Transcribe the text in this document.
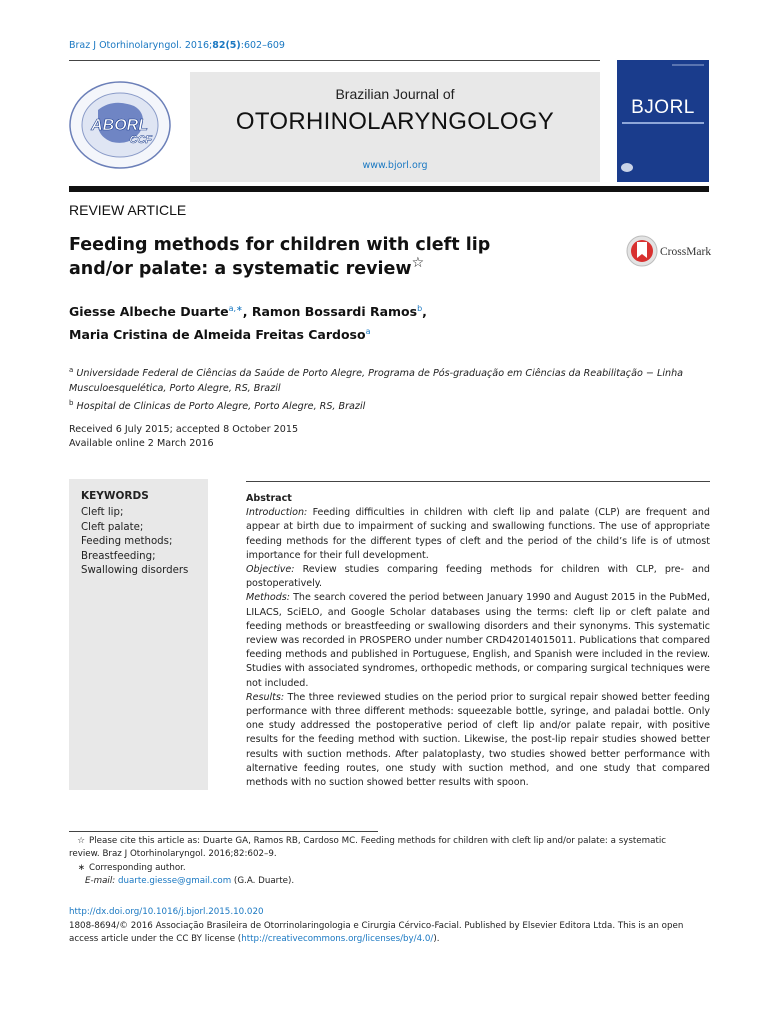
Braz J Otorhinolaryngol. 2016;82(5):602–609
Brazilian Journal of
OTORHINOLARYNGOLOGY
www.bjorl.org
ABORL
CCF
BJORL
REVIEW ARTICLE
Feeding methods for children with cleft lip
and/or palate: a systematic review☆
CrossMark
Giesse Albeche Duarte$^{a,∗}$, Ramon Bossardi Ramos$^b$,
Maria Cristina de Almeida Freitas Cardoso$^a$
$^a$ Universidade Federal de Ciências da Saúde de Porto Alegre, Programa de Pós-graduação em Ciências da Reabilitação − Linha Musculoesquelética, Porto Alegre, RS, Brazil
$^b$ Hospital de Clinicas de Porto Alegre, Porto Alegre, RS, Brazil
Received 6 July 2015; accepted 8 October 2015
Available online 2 March 2016
KEYWORDS
Cleft lip;
Cleft palate;
Feeding methods;
Breastfeeding;
Swallowing disorders
Abstract
Introduction: Feeding difficulties in children with cleft lip and palate (CLP) are frequent and appear at birth due to impairment of sucking and swallowing functions. The use of appropriate feeding methods for the different types of cleft and the period of the child’s life is of utmost importance for their full development.
Objective: Review studies comparing feeding methods for children with CLP, pre- and postoperatively.
Methods: The search covered the period between January 1990 and August 2015 in the PubMed, LILACS, SciELO, and Google Scholar databases using the terms: cleft lip or cleft palate and feeding methods or breastfeeding or swallowing disorders and their synonyms. This systematic review was recorded in PROSPERO under number CRD42014015011. Publications that compared feeding methods and published in Portuguese, English, and Spanish were included in the review. Studies with associated syndromes, orthopedic methods, or comparing surgical techniques were not included.
Results: The three reviewed studies on the period prior to surgical repair showed better feeding performance with three different methods: squeezable bottle, syringe, and paladai bottle. Only one study addressed the postoperative period of cleft lip and/or palate repair, with positive results for the feeding method with suction. Likewise, the post-lip repair studies showed better results with suction methods. After palatoplasty, two studies showed better performance with alternative feeding routes, one study with suction method, and one study that compared methods with no suction showed better results with spoon.
☆ Please cite this article as: Duarte GA, Ramos RB, Cardoso MC. Feeding methods for children with cleft lip and/or palate: a systematic
review. Braz J Otorhinolaryngol. 2016;82:602–9.
∗ Corresponding author.
E-mail: duarte.giesse@gmail.com (G.A. Duarte).
http://dx.doi.org/10.1016/j.bjorl.2015.10.020
1808-8694/© 2016 Associação Brasileira de Otorrinolaringologia e Cirurgia Cérvico-Facial. Published by Elsevier Editora Ltda. This is an open
access article under the CC BY license (http://creativecommons.org/licenses/by/4.0/).
